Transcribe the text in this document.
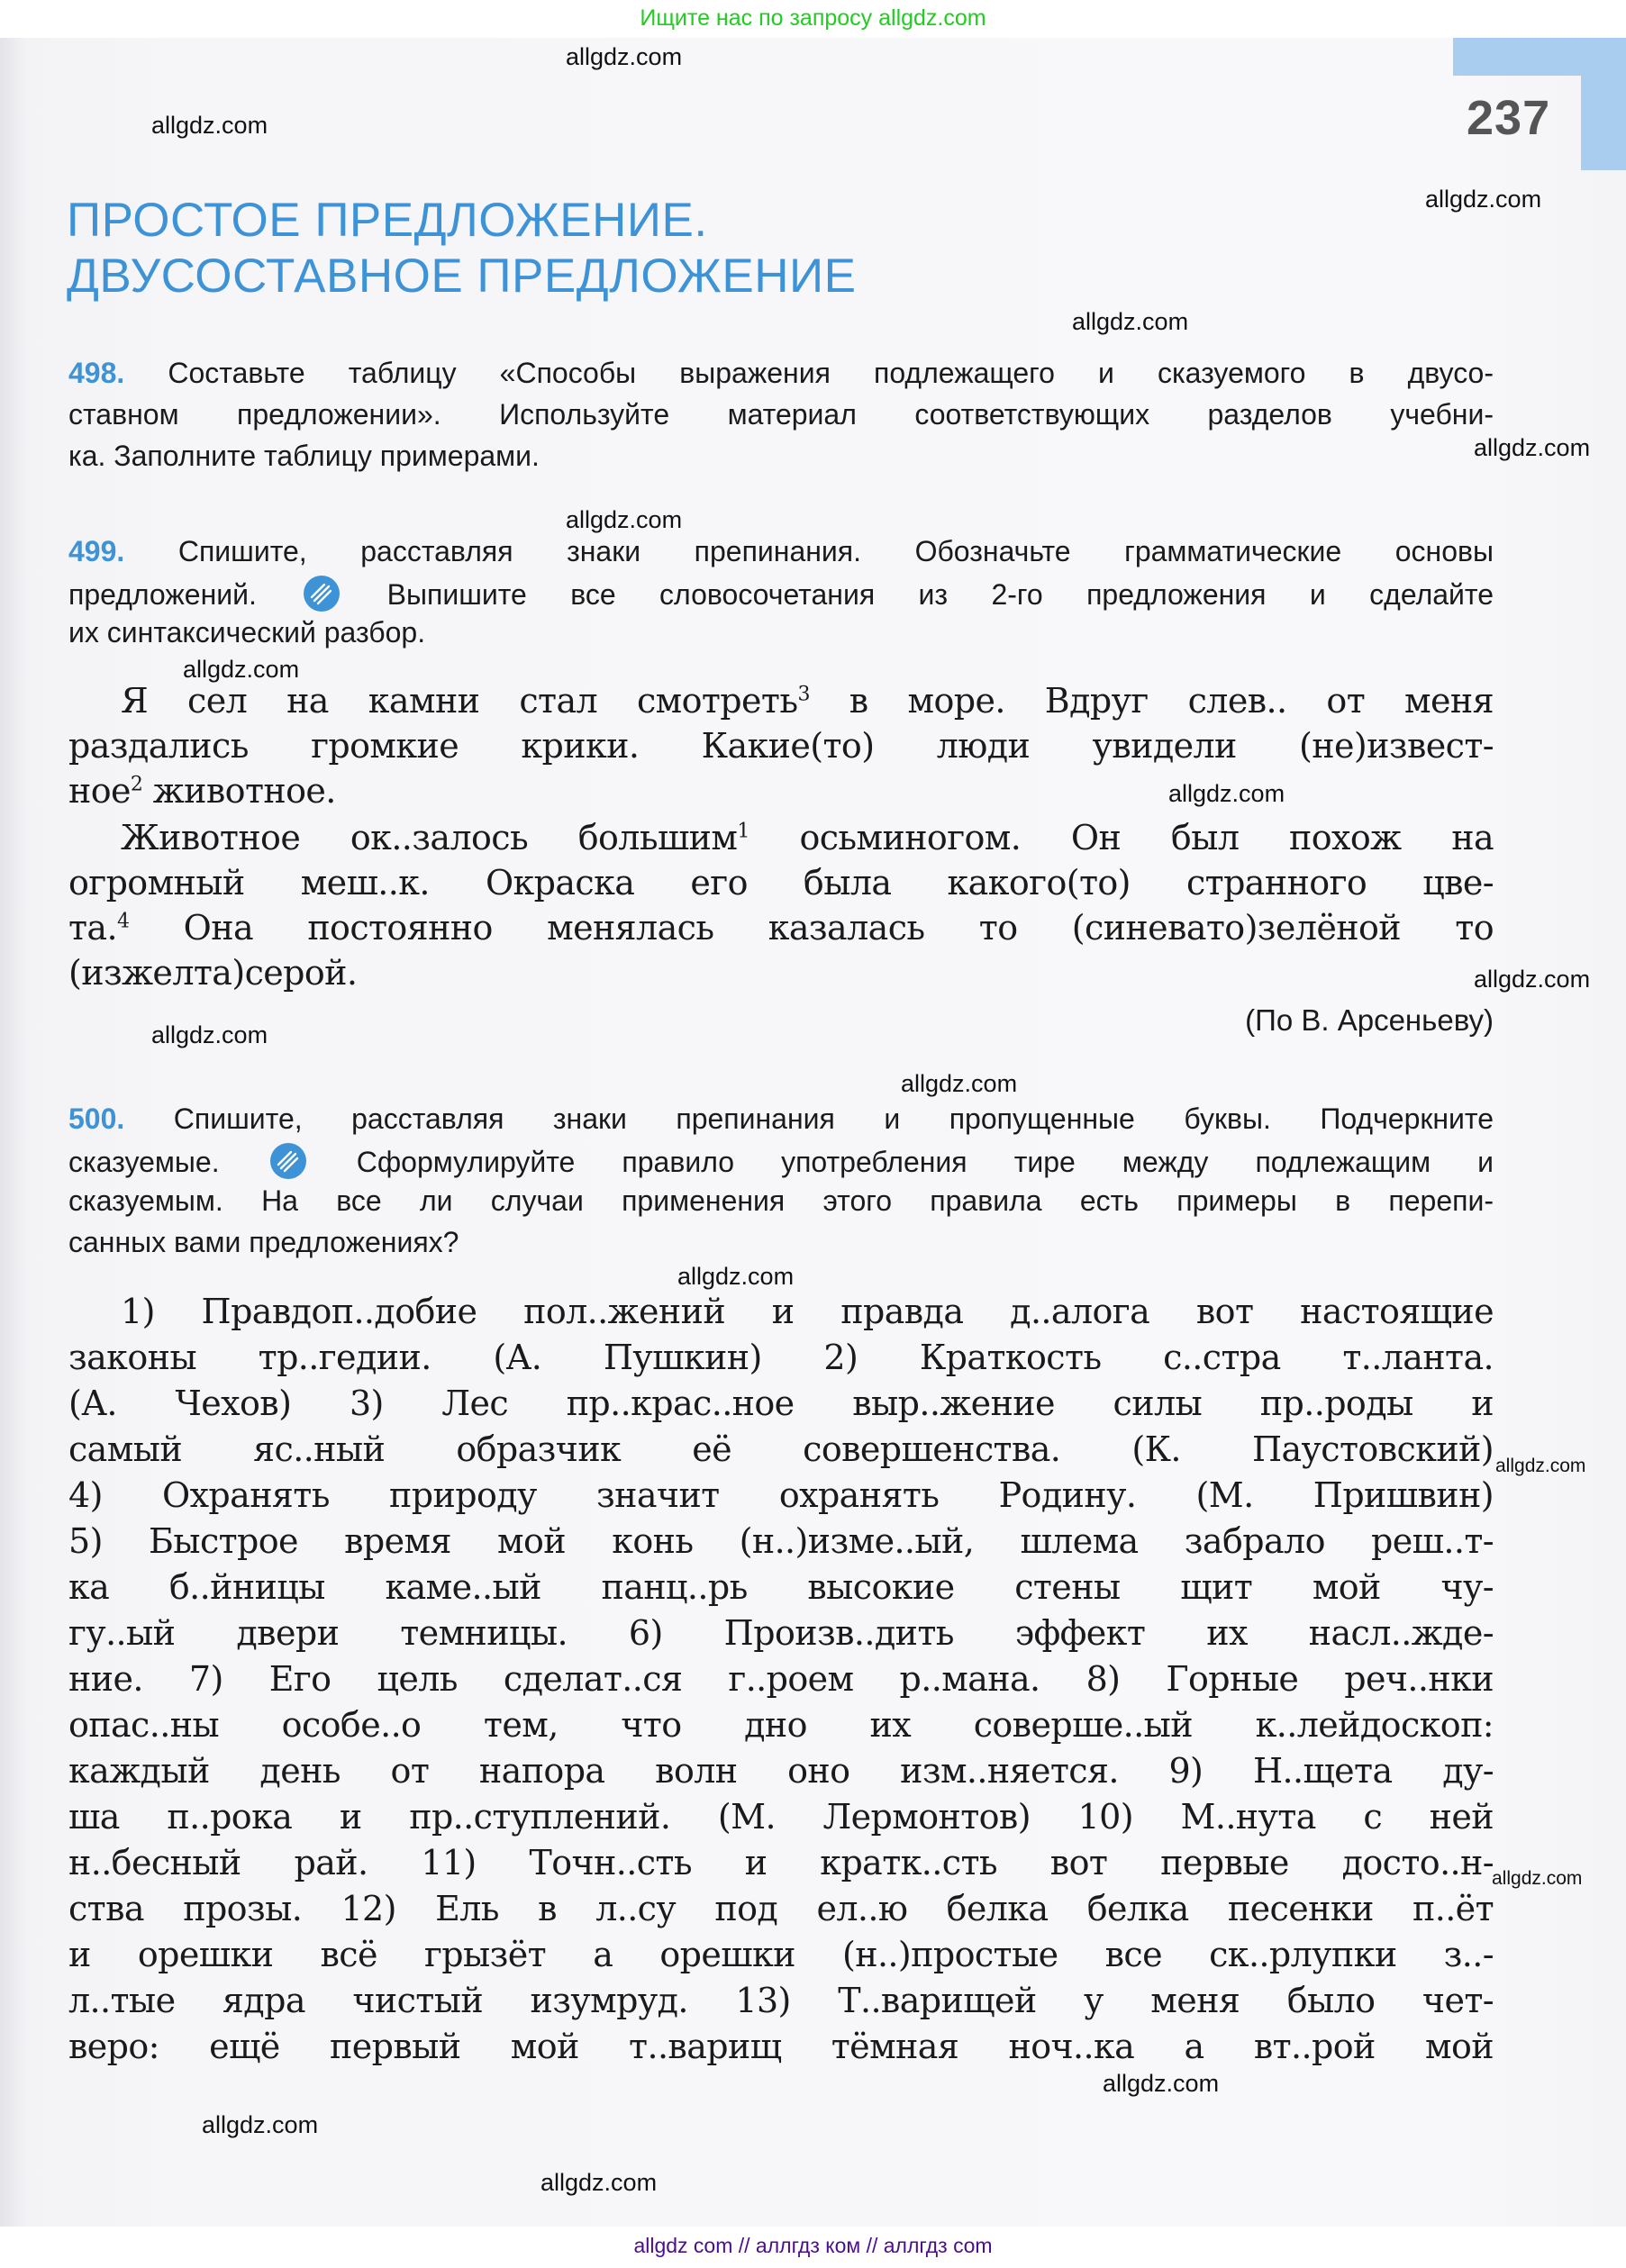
Ищите нас по запросу allgdz.com
237
allgdz.com
allgdz.com
allgdz.com
allgdz.com
allgdz.com
allgdz.com
allgdz.com
allgdz.com
allgdz.com
allgdz.com
allgdz.com
allgdz.com
allgdz.com
allgdz.com
allgdz.com
allgdz.com
allgdz.com
ПРОСТОЕ ПРЕДЛОЖЕНИЕ.
ДВУСОСТАВНОЕ ПРЕДЛОЖЕНИЕ
498. Составьте таблицу «Способы выражения подлежащего и сказуемого в двусо-
ставном предложении». Используйте материал соответствующих разделов учебни-
ка. Заполните таблицу примерами.
499. Спишите, расставляя знаки препинания. Обозначьте грамматические основы
предложений.	Выпишите все словосочетания из 2-го предложения и сделайте
их синтаксический разбор.
Я сел на камни стал смотреть$^3$ в море. Вдруг слев.. от меня
раздались громкие крики. Какие(то) люди увидели (не)извест-
ное$^2$ животное.
Животное ок..залось большим$^1$ осьминогом. Он был похож на
огромный меш..к. Окраска его была какого(то) странного цве-
та.$^4$ Она постоянно менялась казалась то (синевато)зелёной то
(изжелта)серой.
(По В. Арсеньеву)
500. Спишите, расставляя знаки препинания и пропущенные буквы. Подчеркните
сказуемые.	Сформулируйте правило употребления тире между подлежащим и
сказуемым. На все ли случаи применения этого правила есть примеры в перепи-
санных вами предложениях?
1) Правдоп..добие пол..жений и правда д..алога вот настоящие
законы тр..гедии. (А. Пушкин) 2) Краткость с..стра т..ланта.
(А. Чехов) 3) Лес пр..крас..ное выр..жение силы пр..роды и
самый яс..ный образчик её совершенства. (К. Паустовский)
4) Охранять природу значит охранять Родину. (М. Пришвин)
5) Быстрое время мой конь (н..)изме..ый, шлема забрало реш..т-
ка б..йницы каме..ый панц..рь высокие стены щит мой чу-
гу..ый двери темницы. 6) Произв..дить эффект их насл..жде-
ние. 7) Его цель сделат..ся г..роем р..мана. 8) Горные реч..нки
опас..ны особе..о тем, что дно их соверше..ый к..лейдоскоп:
каждый день от напора волн оно изм..няется. 9) Н..щета ду-
ша п..рока и пр..ступлений. (М. Лермонтов) 10) М..нута с ней
н..бесный рай. 11) Точн..сть и кратк..сть вот первые досто..н-
ства прозы. 12) Ель в л..су под ел..ю белка белка песенки п..ёт
и орешки всё грызёт а орешки (н..)простые все ск..рлупки з..-
л..тые ядра чистый изумруд. 13) Т..варищей у меня было чет-
веро: ещё первый мой т..варищ тёмная ноч..ка а вт..рой мой
allgdz com // аллгдз ком // аллгдз com
